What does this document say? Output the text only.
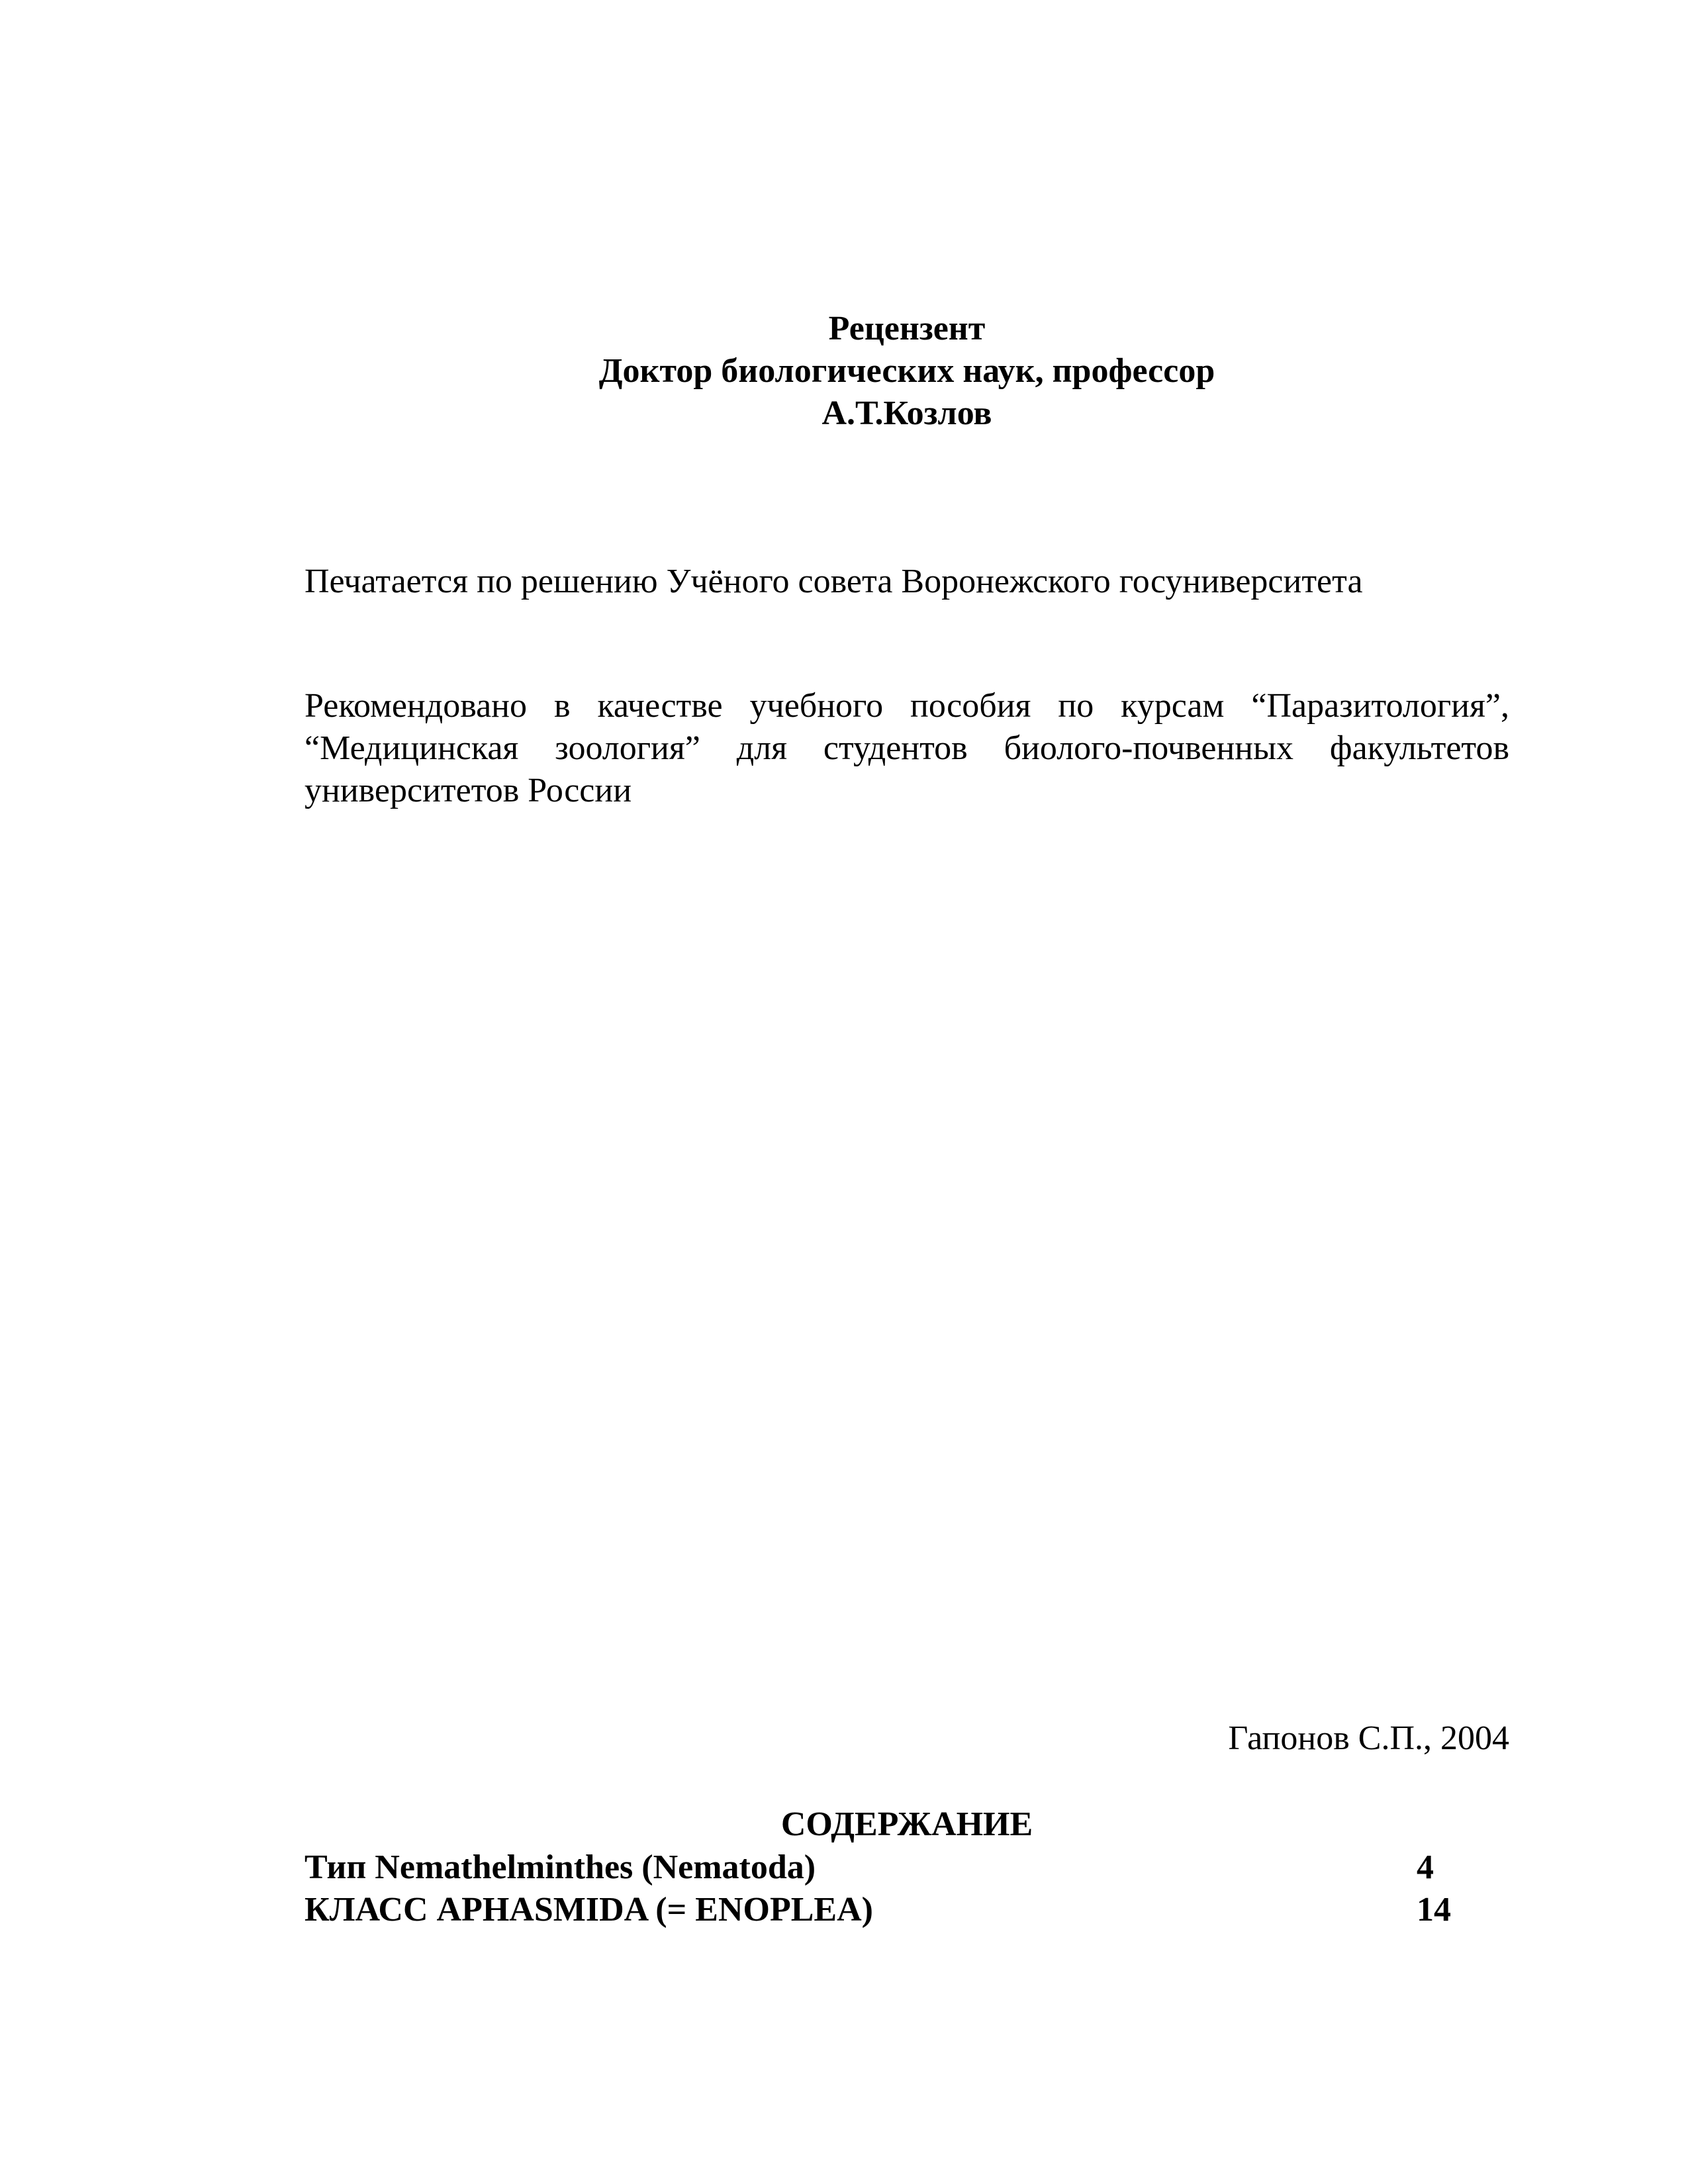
Рецензент
Доктор биологических наук, профессор
А.Т.Козлов
Печатается по решению Учёного совета Воронежского госуниверситета
Рекомендовано в качестве учебного пособия по курсам “Паразитология”,
“Медицинская зоология” для студентов биолого-почвенных факультетов
университетов России
Гапонов С.П., 2004
СОДЕРЖАНИЕ
Тип Nemathelminthes (Nematoda)	4
КЛАСС APHASMIDA (= ENOPLEA)	14
